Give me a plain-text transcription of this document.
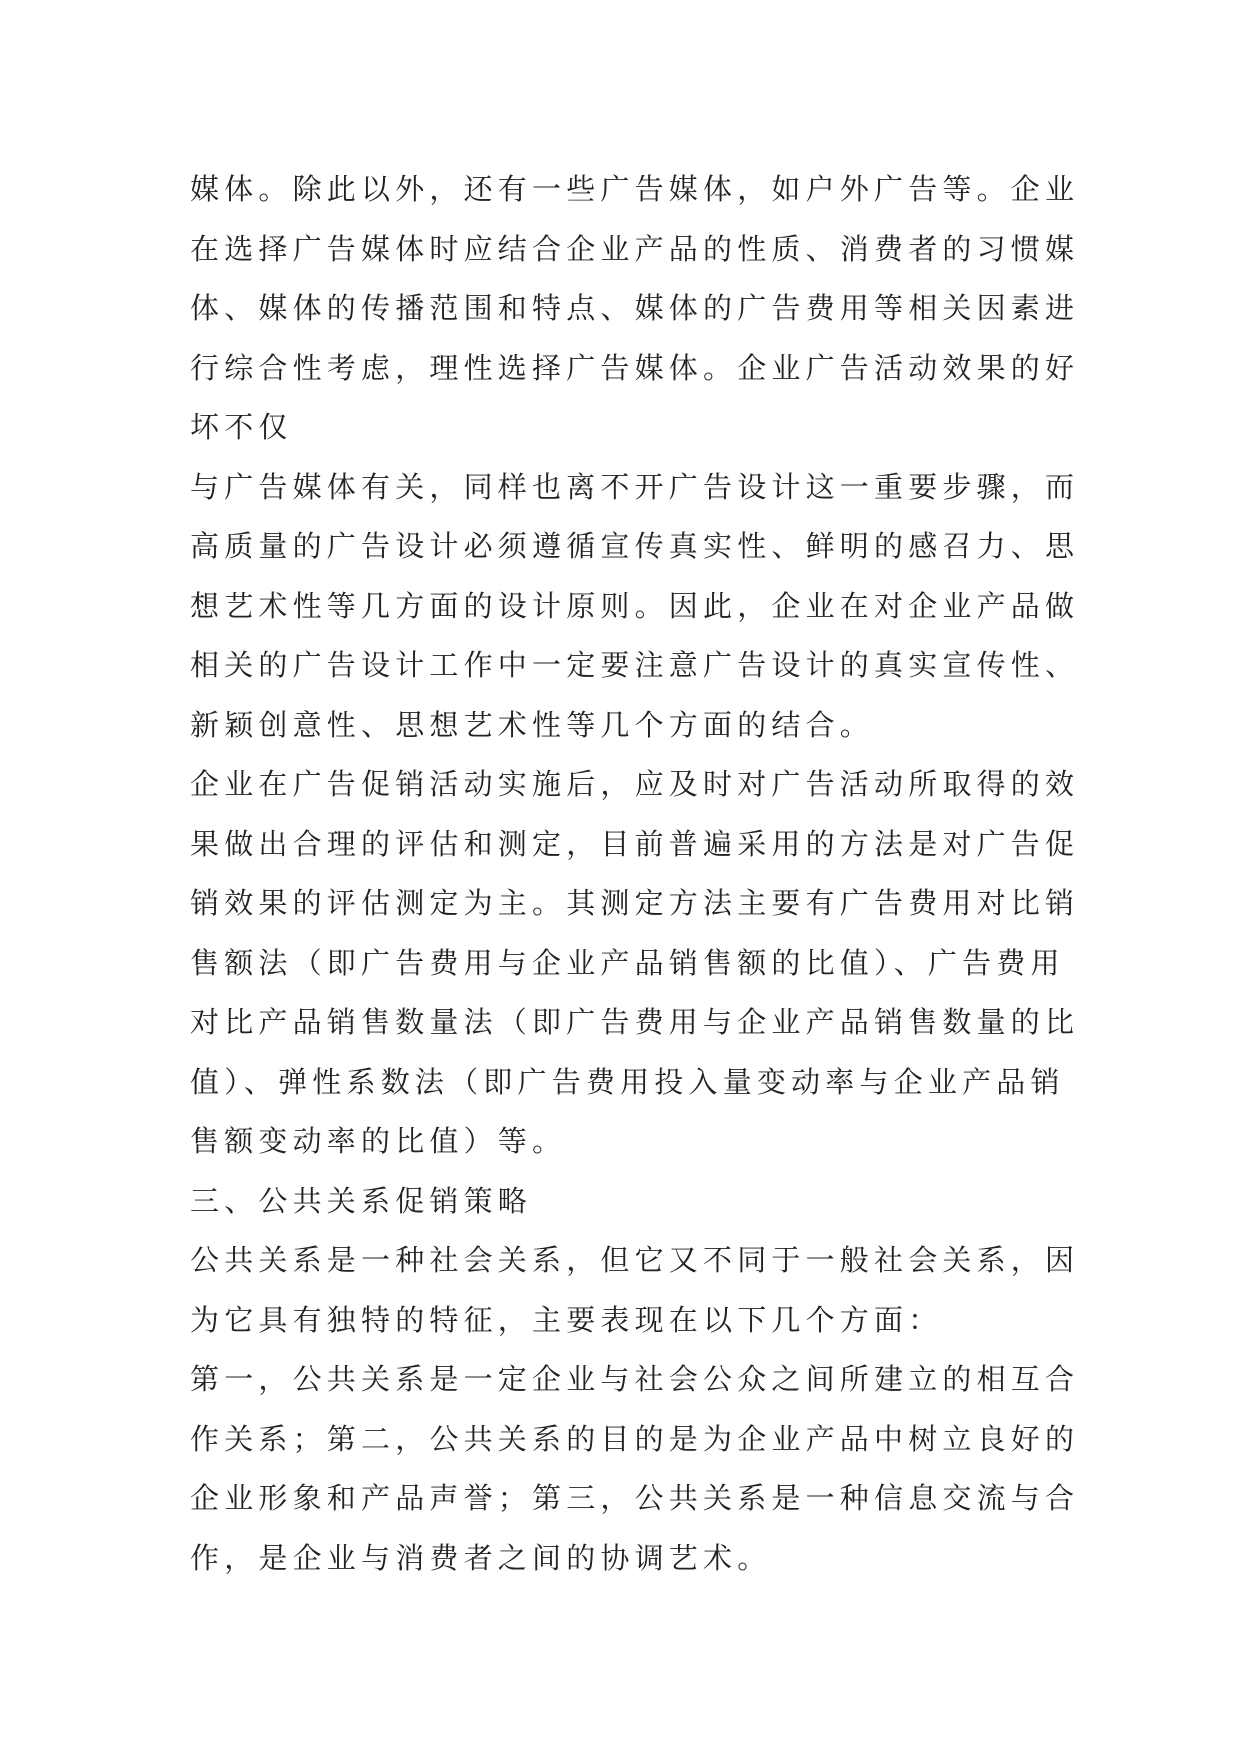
媒体。除此以外，还有一些广告媒体，如户外广告等。企业
在选择广告媒体时应结合企业产品的性质、消费者的习惯媒
体、媒体的传播范围和特点、媒体的广告费用等相关因素进
行综合性考虑，理性选择广告媒体。企业广告活动效果的好
坏不仅
与广告媒体有关，同样也离不开广告设计这一重要步骤，而
高质量的广告设计必须遵循宣传真实性、鲜明的感召力、思
想艺术性等几方面的设计原则。因此，企业在对企业产品做
相关的广告设计工作中一定要注意广告设计的真实宣传性、
新颖创意性、思想艺术性等几个方面的结合。
企业在广告促销活动实施后，应及时对广告活动所取得的效
果做出合理的评估和测定，目前普遍采用的方法是对广告促
销效果的评估测定为主。其测定方法主要有广告费用对比销
售额法（即广告费用与企业产品销售额的比值）、广告费用
对比产品销售数量法（即广告费用与企业产品销售数量的比
值）、弹性系数法（即广告费用投入量变动率与企业产品销
售额变动率的比值）等。
三、公共关系促销策略
公共关系是一种社会关系，但它又不同于一般社会关系，因
为它具有独特的特征，主要表现在以下几个方面：
第一，公共关系是一定企业与社会公众之间所建立的相互合
作关系；第二，公共关系的目的是为企业产品中树立良好的
企业形象和产品声誉；第三，公共关系是一种信息交流与合
作，是企业与消费者之间的协调艺术。
